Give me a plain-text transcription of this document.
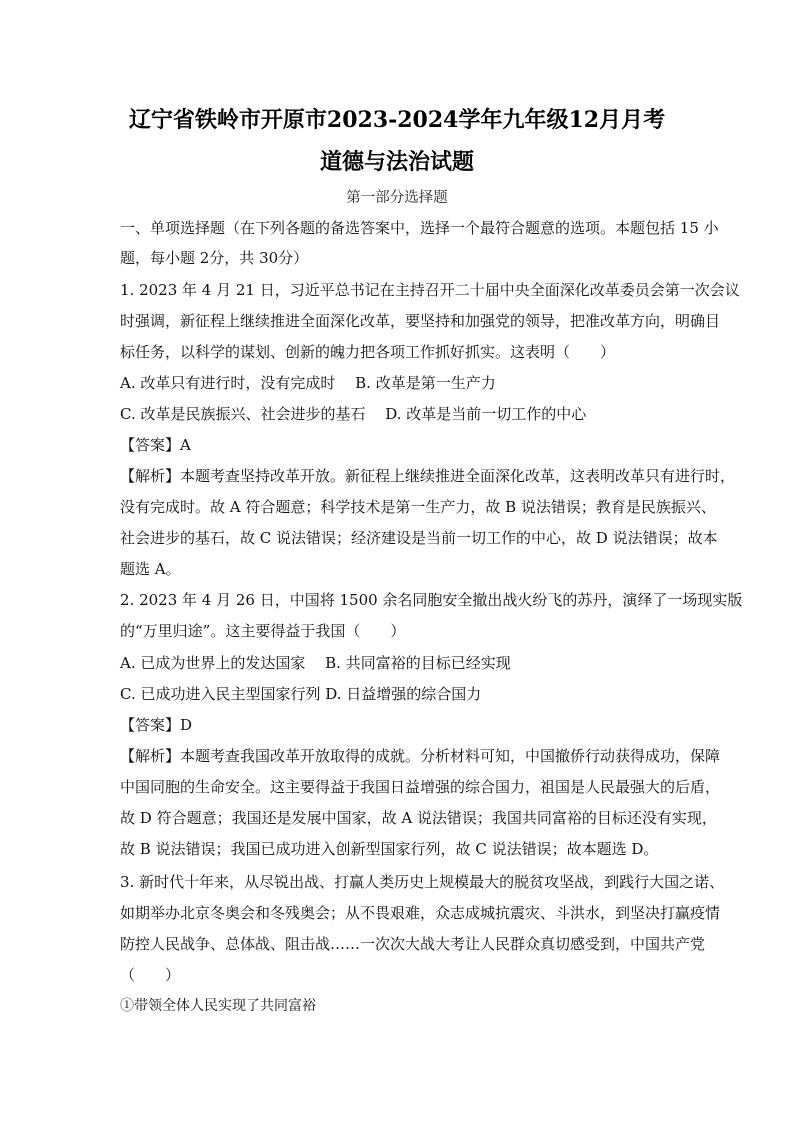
辽宁省铁岭市开原市2023-2024学年九年级12月月考
道德与法治试题
第一部分选择题
一、单项选择题（在下列各题的备选答案中，选择一个最符合题意的选项。本题包括 15 小
题，每小题 2分，共 30分）
1. 2023 年 4 月 21 日，习近平总书记在主持召开二十届中央全面深化改革委员会第一次会议
时强调，新征程上继续推进全面深化改革，要坚持和加强党的领导，把准改革方向，明确目
标任务，以科学的谋划、创新的魄力把各项工作抓好抓实。这表明（　　）
A. 改革只有进行时，没有完成时　 B. 改革是第一生产力
C. 改革是民族振兴、社会进步的基石　 D. 改革是当前一切工作的中心
【答案】A
【解析】本题考查坚持改革开放。新征程上继续推进全面深化改革，这表明改革只有进行时，
没有完成时。故 A 符合题意；科学技术是第一生产力，故 B 说法错误；教育是民族振兴、
社会进步的基石，故 C 说法错误；经济建设是当前一切工作的中心，故 D 说法错误；故本
题选 A。
2. 2023 年 4 月 26 日，中国将 1500 余名同胞安全撤出战火纷飞的苏丹，演绎了一场现实版
的“万里归途”。这主要得益于我国（　　）
A. 已成为世界上的发达国家　 B. 共同富裕的目标已经实现
C. 已成功进入民主型国家行列 D. 日益增强的综合国力
【答案】D
【解析】本题考查我国改革开放取得的成就。分析材料可知，中国撤侨行动获得成功，保障
中国同胞的生命安全。这主要得益于我国日益增强的综合国力，祖国是人民最强大的后盾，
故 D 符合题意；我国还是发展中国家，故 A 说法错误；我国共同富裕的目标还没有实现，
故 B 说法错误；我国已成功进入创新型国家行列，故 C 说法错误；故本题选 D。
3. 新时代十年来，从尽锐出战、打赢人类历史上规模最大的脱贫攻坚战，到践行大国之诺、
如期举办北京冬奥会和冬残奥会；从不畏艰难，众志成城抗震灾、斗洪水，到坚决打赢疫情
防控人民战争、总体战、阻击战……一次次大战大考让人民群众真切感受到，中国共产党
（　　）
①带领全体人民实现了共同富裕
